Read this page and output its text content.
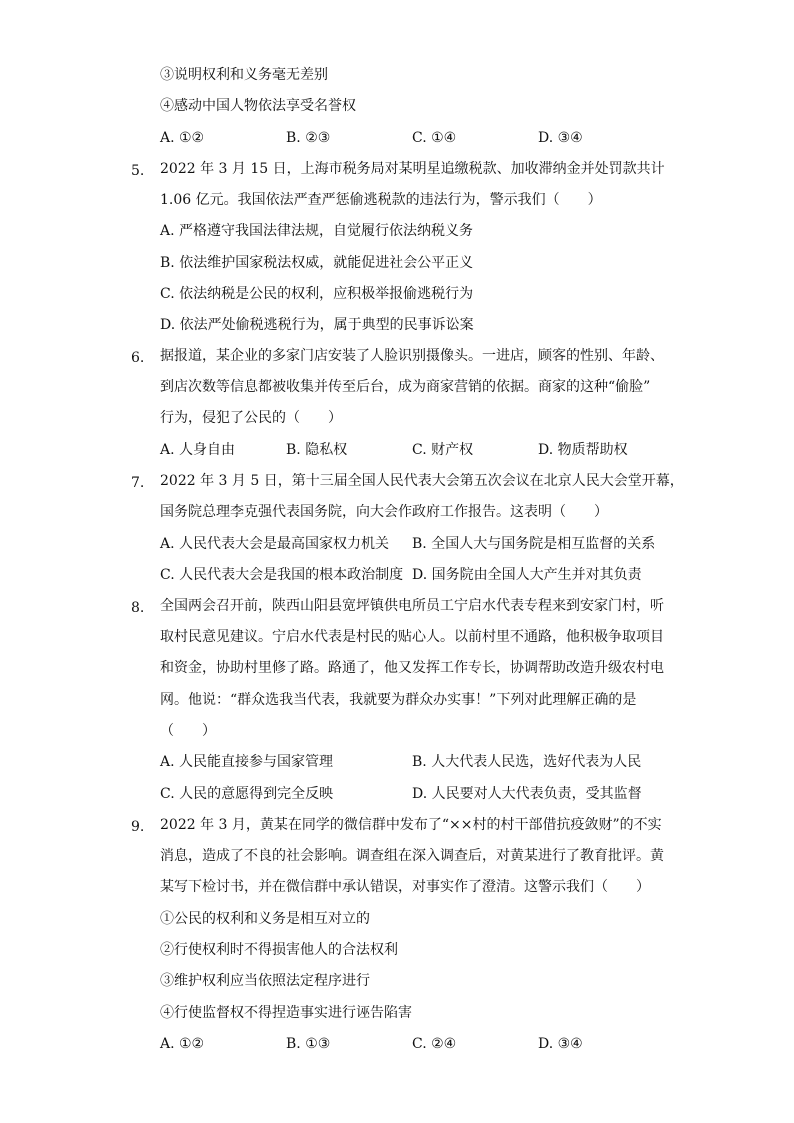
③说明权利和义务毫无差别
④感动中国人物依法享受名誉权
A. ①②	B. ②③	C. ①④	D. ③④
5. 2022 年 3 月 15 日，上海市税务局对某明星追缴税款、加收滞纳金并处罚款共计
1.06 亿元。我国依法严查严惩偷逃税款的违法行为，警示我们（　　）
A. 严格遵守我国法律法规，自觉履行依法纳税义务
B. 依法维护国家税法权威，就能促进社会公平正义
C. 依法纳税是公民的权利，应积极举报偷逃税行为
D. 依法严处偷税逃税行为，属于典型的民事诉讼案
6. 据报道，某企业的多家门店安装了人脸识别摄像头。一进店，顾客的性别、年龄、
到店次数等信息都被收集并传至后台，成为商家营销的依据。商家的这种“偷脸”
行为，侵犯了公民的（　　）
A. 人身自由	B. 隐私权	C. 财产权	D. 物质帮助权
7. 2022 年 3 月 5 日，第十三届全国人民代表大会第五次会议在北京人民大会堂开幕，
国务院总理李克强代表国务院，向大会作政府工作报告。这表明（　　）
A. 人民代表大会是最高国家权力机关 B. 全国人大与国务院是相互监督的关系
C. 人民代表大会是我国的根本政治制度 D. 国务院由全国人大产生并对其负责
8. 全国两会召开前，陕西山阳县宽坪镇供电所员工宁启水代表专程来到安家门村，听
取村民意见建议。宁启水代表是村民的贴心人。以前村里不通路，他积极争取项目
和资金，协助村里修了路。路通了，他又发挥工作专长，协调帮助改造升级农村电
网。他说：“群众选我当代表，我就要为群众办实事！”下列对此理解正确的是
（　　）
A. 人民能直接参与国家管理	B. 人大代表人民选，选好代表为人民
C. 人民的意愿得到完全反映	D. 人民要对人大代表负责，受其监督
9. 2022 年 3 月，黄某在同学的微信群中发布了“××村的村干部借抗疫敛财”的不实
消息，造成了不良的社会影响。调查组在深入调查后，对黄某进行了教育批评。黄
某写下检讨书，并在微信群中承认错误，对事实作了澄清。这警示我们（　　）
①公民的权利和义务是相互对立的
②行使权利时不得损害他人的合法权利
③维护权利应当依照法定程序进行
④行使监督权不得捏造事实进行诬告陷害
A. ①②	B. ①③	C. ②④	D. ③④
